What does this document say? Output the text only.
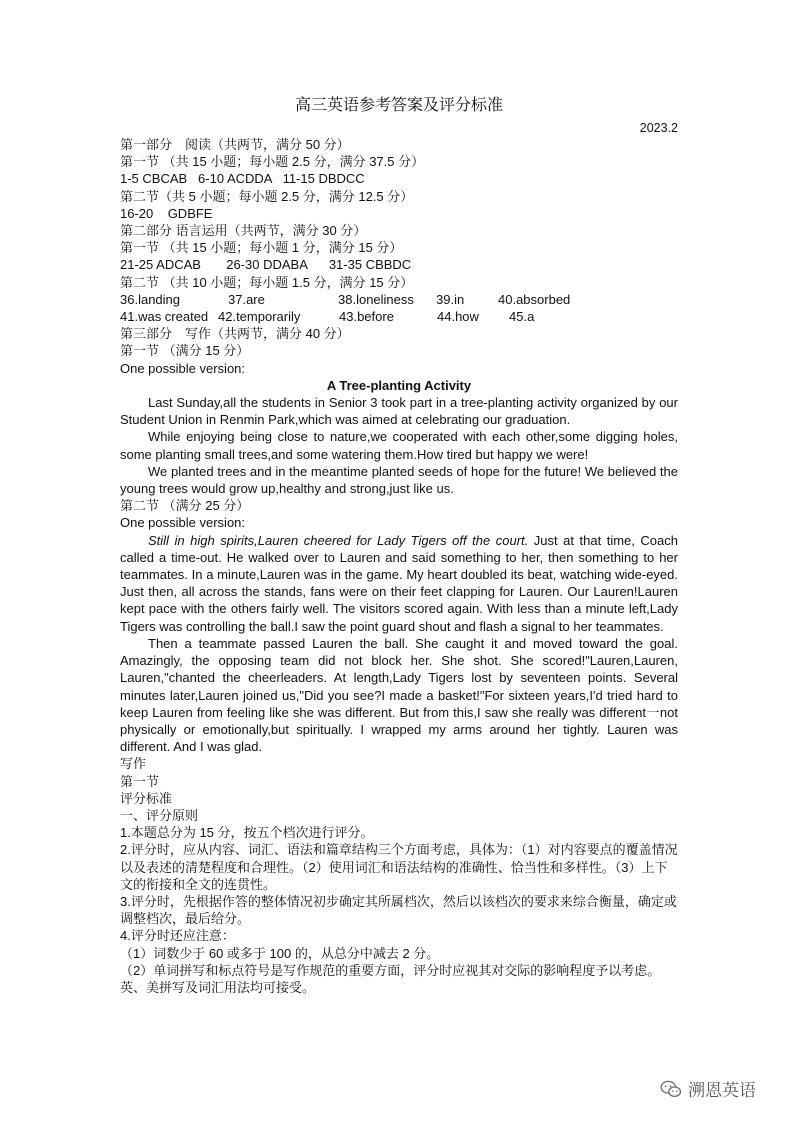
高三英语参考答案及评分标准
2023.2
第一部分　阅读（共两节，满分 50 分）
第一节 （共 15 小题；每小题 2.5 分，满分 37.5 分）
1-5 CBCAB   6-10 ACDDA   11-15 DBDCC
第二节（共 5 小题；每小题 2.5 分，满分 12.5 分）
16-20    GDBFE
第二部分 语言运用（共两节，满分 30 分）
第一节 （共 15 小题；每小题 1 分，满分 15 分）
21-25 ADCAB       26-30 DDABA      31-35 CBBDC
第二节 （共 10 小题；每小题 1.5 分，满分 15 分）
36.landing	37.are	38.loneliness	39.in	40.absorbed
41.was created 42.temporarily	43.before	44.how	45.a
第三部分　写作（共两节，满分 40 分）
第一节 （满分 15 分）
One possible version:
A Tree-planting Activity
Last Sunday,all the students in Senior 3 took part in a tree-planting activity organized by our Student Union in Renmin Park,which was aimed at celebrating our graduation.
While enjoying being close to nature,we cooperated with each other,some digging holes, some planting small trees,and some watering them.How tired but happy we were!
We planted trees and in the meantime planted seeds of hope for the future! We believed the young trees would grow up,healthy and strong,just like us.
第二节 （满分 25 分）
One possible version:
Still in high spirits,Lauren cheered for Lady Tigers off the court. Just at that time, Coach called a time-out. He walked over to Lauren and said something to her, then something to her teammates. In a minute,Lauren was in the game. My heart doubled its beat, watching wide-eyed. Just then, all across the stands, fans were on their feet clapping for Lauren. Our Lauren!Lauren kept pace with the others fairly well. The visitors scored again. With less than a minute left,Lady Tigers was controlling the ball.I saw the point guard shout and flash a signal to her teammates.
Then a teammate passed Lauren the ball. She caught it and moved toward the goal. Amazingly, the opposing team did not block her. She shot. She scored!"Lauren,Lauren, Lauren,"chanted the cheerleaders. At length,Lady Tigers lost by seventeen points. Several minutes later,Lauren joined us,"Did you see?I made a basket!"For sixteen years,I'd tried hard to keep Lauren from feeling like she was different. But from this,I saw she really was different一not physically or emotionally,but spiritually. I wrapped my arms around her tightly. Lauren was different. And I was glad.
写作
第一节
评分标准
一、评分原则
1.本题总分为 15 分，按五个档次进行评分。
2.评分时，应从内容、词汇、语法和篇章结构三个方面考虑，具体为：（1）对内容要点的覆盖情况以及表述的清楚程度和合理性。（2）使用词汇和语法结构的准确性、恰当性和多样性。（3）上下文的衔接和全文的连贯性。
3.评分时，先根据作答的整体情况初步确定其所属档次，然后以该档次的要求来综合衡量，确定或调整档次，最后给分。
4.评分时还应注意：
（1）词数少于 60 或多于 100 的，从总分中减去 2 分。
（2）单词拼写和标点符号是写作规范的重要方面，评分时应视其对交际的影响程度予以考虑。英、美拼写及词汇用法均可接受。
溯恩英语
